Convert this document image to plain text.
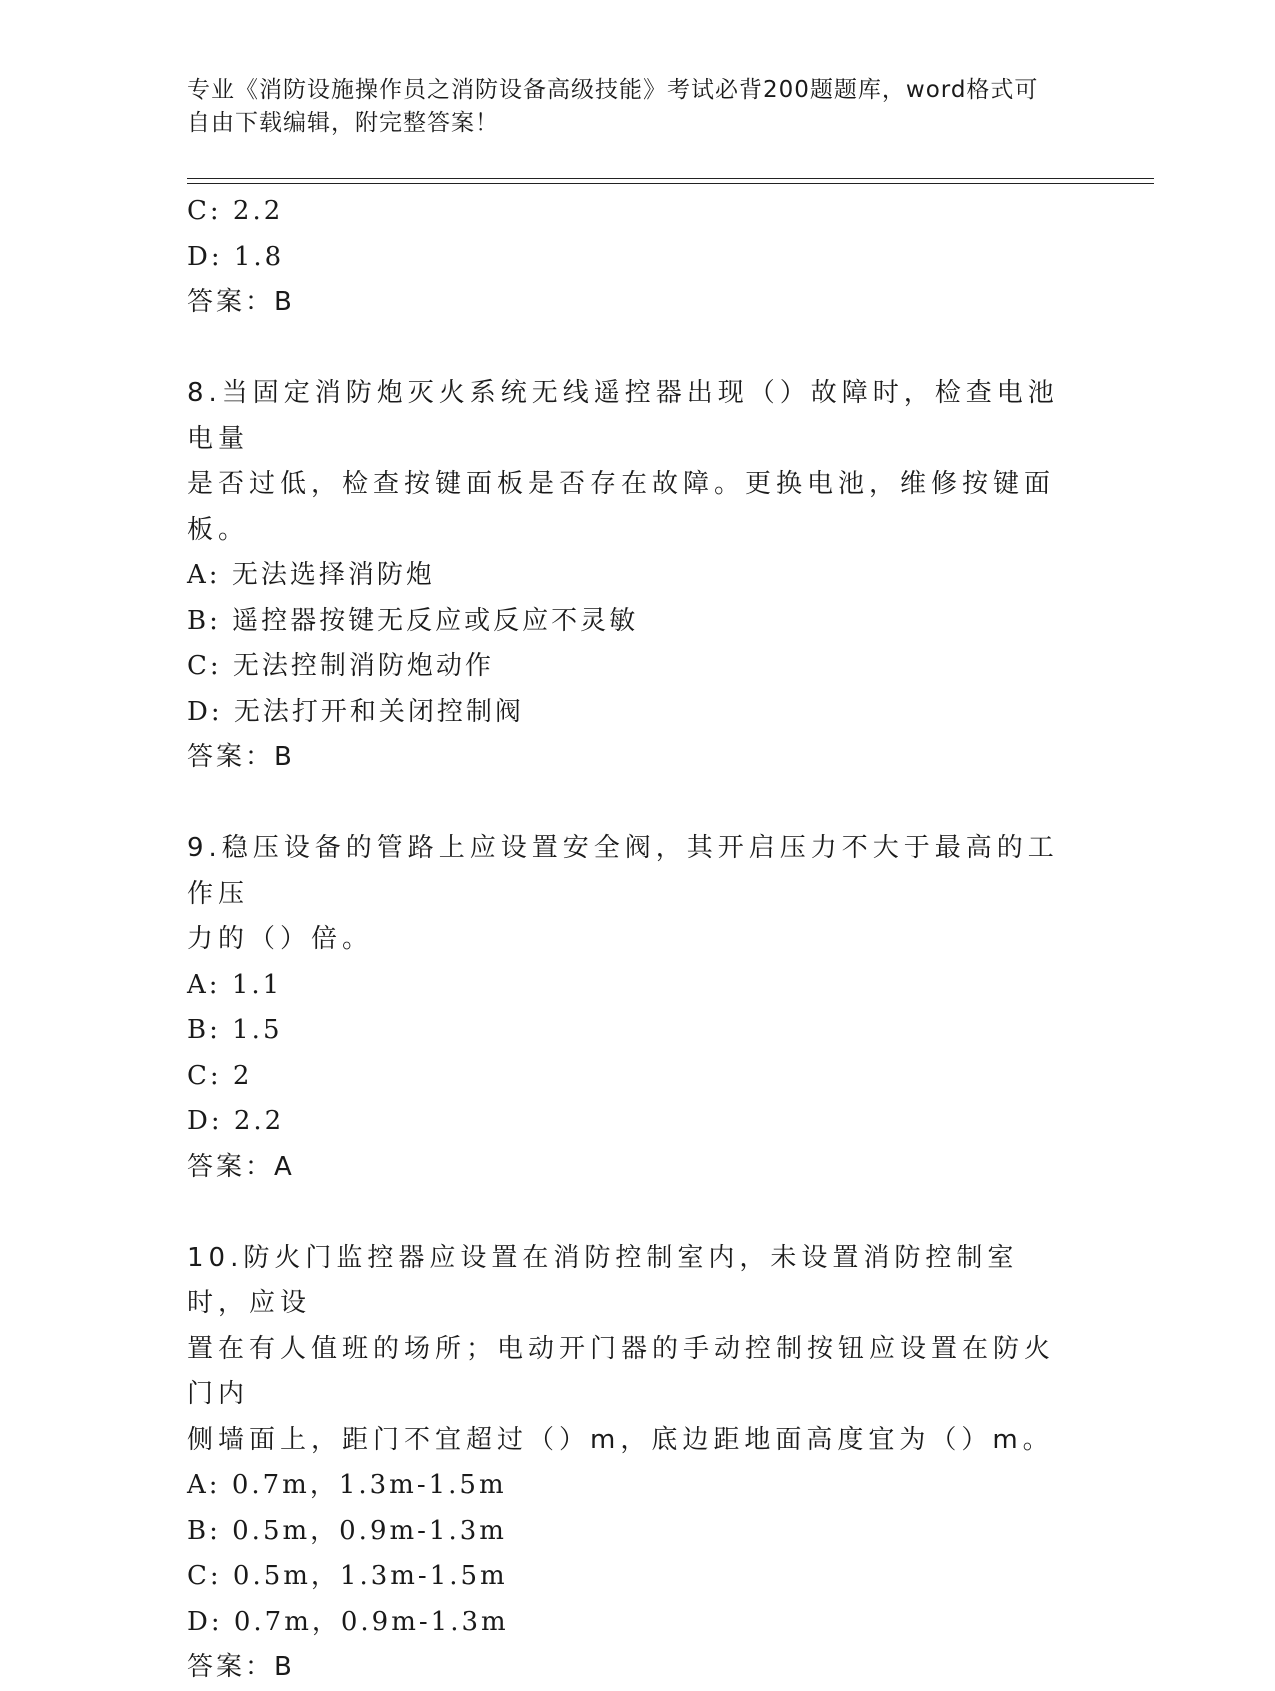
专业《消防设施操作员之消防设备高级技能》考试必背200题题库，word格式可
自由下载编辑，附完整答案！
C: 2.2
D: 1.8
答案：B
8.当固定消防炮灭火系统无线遥控器出现（）故障时，检查电池电量
是否过低，检查按键面板是否存在故障。更换电池，维修按键面板。
A: 无法选择消防炮
B: 遥控器按键无反应或反应不灵敏
C: 无法控制消防炮动作
D: 无法打开和关闭控制阀
答案：B
9.稳压设备的管路上应设置安全阀，其开启压力不大于最高的工作压
力的（）倍。
A: 1.1
B: 1.5
C: 2
D: 2.2
答案：A
10.防火门监控器应设置在消防控制室内，未设置消防控制室时，应设
置在有人值班的场所；电动开门器的手动控制按钮应设置在防火门内
侧墙面上，距门不宜超过（）m，底边距地面高度宜为（）m。
A: 0.7m，1.3m-1.5m
B: 0.5m，0.9m-1.3m
C: 0.5m，1.3m-1.5m
D: 0.7m，0.9m-1.3m
答案：B
